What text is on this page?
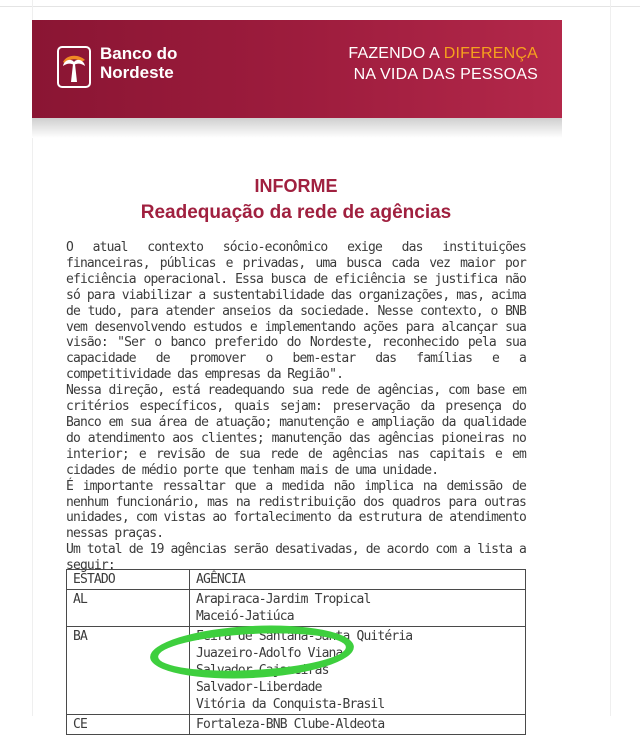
Banco do
Nordeste
FAZENDO A DIFERENÇA
NA VIDA DAS PESSOAS
INFORME
Readequação da rede de agências

O atual contexto sócio-econômico exige das instituições financeiras, públicas e privadas, uma busca cada vez maior por eficiência operacional. Essa busca de eficiência se justifica não só para viabilizar a sustentabilidade das organizações, mas, acima de tudo, para atender anseios da sociedade. Nesse contexto, o BNB vem desenvolvendo estudos e implementando ações para alcançar sua visão: "Ser o banco preferido do Nordeste, reconhecido pela sua capacidade de promover o bem-estar das famílias e a competitividade das empresas da Região".

Nessa direção, está readequando sua rede de agências, com base em critérios específicos, quais sejam: preservação da presença do Banco em sua área de atuação; manutenção e ampliação da qualidade do atendimento aos clientes; manutenção das agências pioneiras no interior; e revisão de sua rede de agências nas capitais e em cidades de médio porte que tenham mais de uma unidade.

É importante ressaltar que a medida não implica na demissão de nenhum funcionário, mas na redistribuição dos quadros para outras unidades, com vistas ao fortalecimento da estrutura de atendimento nessas praças.

Um total de 19 agências serão desativadas, de acordo com a lista a seguir:

ESTADO	AGÊNCIA
AL	Arapiraca-Jardim Tropical
Maceió-Jatiúca

BA	Feira de Santana-Santa Quitéria
Juazeiro-Adolfo Viana
Salvador-Cajazeiras
Salvador-Liberdade
Vitória da Conquista-Brasil

CE	Fortaleza-BNB Clube-Aldeota
